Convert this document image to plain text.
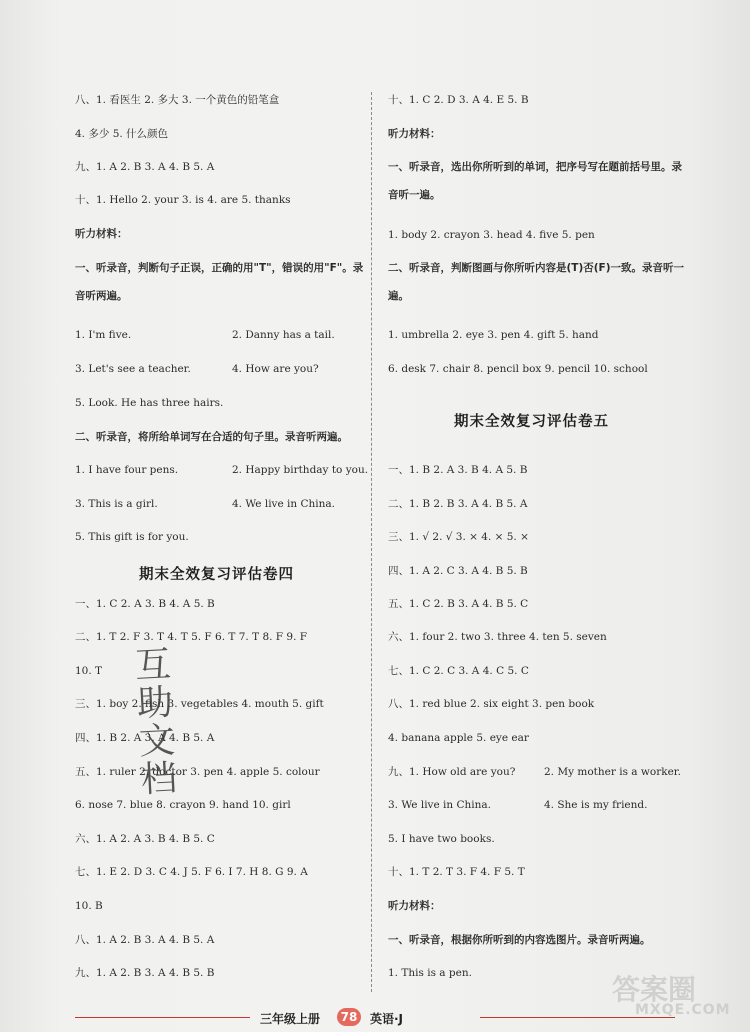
八、1. 看医生 2. 多大 3. 一个黄色的铅笔盒
4. 多少 5. 什么颜色
九、1. A 2. B 3. A 4. B 5. A
十、1. Hello 2. your 3. is 4. are 5. thanks
听力材料：
一、听录音，判断句子正误，正确的用"T"，错误的用"F"。录音听两遍。
1. I'm five.	2. Danny has a tail.
3. Let's see a teacher.	4. How are you?
5. Look. He has three hairs.
二、听录音，将所给单词写在合适的句子里。录音听两遍。
1. I have four pens.	2. Happy birthday to you.
3. This is a girl.	4. We live in China.
5. This gift is for you.
期末全效复习评估卷四
一、1. C 2. A 3. B 4. A 5. B
二、1. T 2. F 3. T 4. T 5. F 6. T 7. T 8. F 9. F
10. T
三、1. boy 2. fish 3. vegetables 4. mouth 5. gift
四、1. B 2. A 3. A 4. B 5. A
五、1. ruler 2. doctor 3. pen 4. apple 5. colour
6. nose 7. blue 8. crayon 9. hand 10. girl
六、1. A 2. A 3. B 4. B 5. C
七、1. E 2. D 3. C 4. J 5. F 6. I 7. H 8. G 9. A
10. B
八、1. A 2. B 3. A 4. B 5. A
九、1. A 2. B 3. A 4. B 5. B
互
助
文
档
十、1. C 2. D 3. A 4. E 5. B
听力材料：
一、听录音，选出你所听到的单词，把序号写在题前括号里。录音听一遍。
1. body 2. crayon 3. head 4. five 5. pen
二、听录音，判断图画与你所听内容是(T)否(F)一致。录音听一遍。
1. umbrella 2. eye 3. pen 4. gift 5. hand
6. desk 7. chair 8. pencil box 9. pencil 10. school
期末全效复习评估卷五
一、1. B 2. A 3. B 4. A 5. B
二、1. B 2. B 3. A 4. B 5. A
三、1. √ 2. √ 3. × 4. × 5. ×
四、1. A 2. C 3. A 4. B 5. B
五、1. C 2. B 3. A 4. B 5. C
六、1. four 2. two 3. three 4. ten 5. seven
七、1. C 2. C 3. A 4. C 5. C
八、1. red blue 2. six eight 3. pen book
4. banana apple 5. eye ear
九、1. How old are you?	2. My mother is a worker.
3. We live in China.	4. She is my friend.
5. I have two books.
十、1. T 2. T 3. F 4. F 5. T
听力材料：
一、听录音，根据你所听到的内容选图片。录音听两遍。
1. This is a pen.	答案圈
MXQE.COM
三年级上册	78	英语·J
